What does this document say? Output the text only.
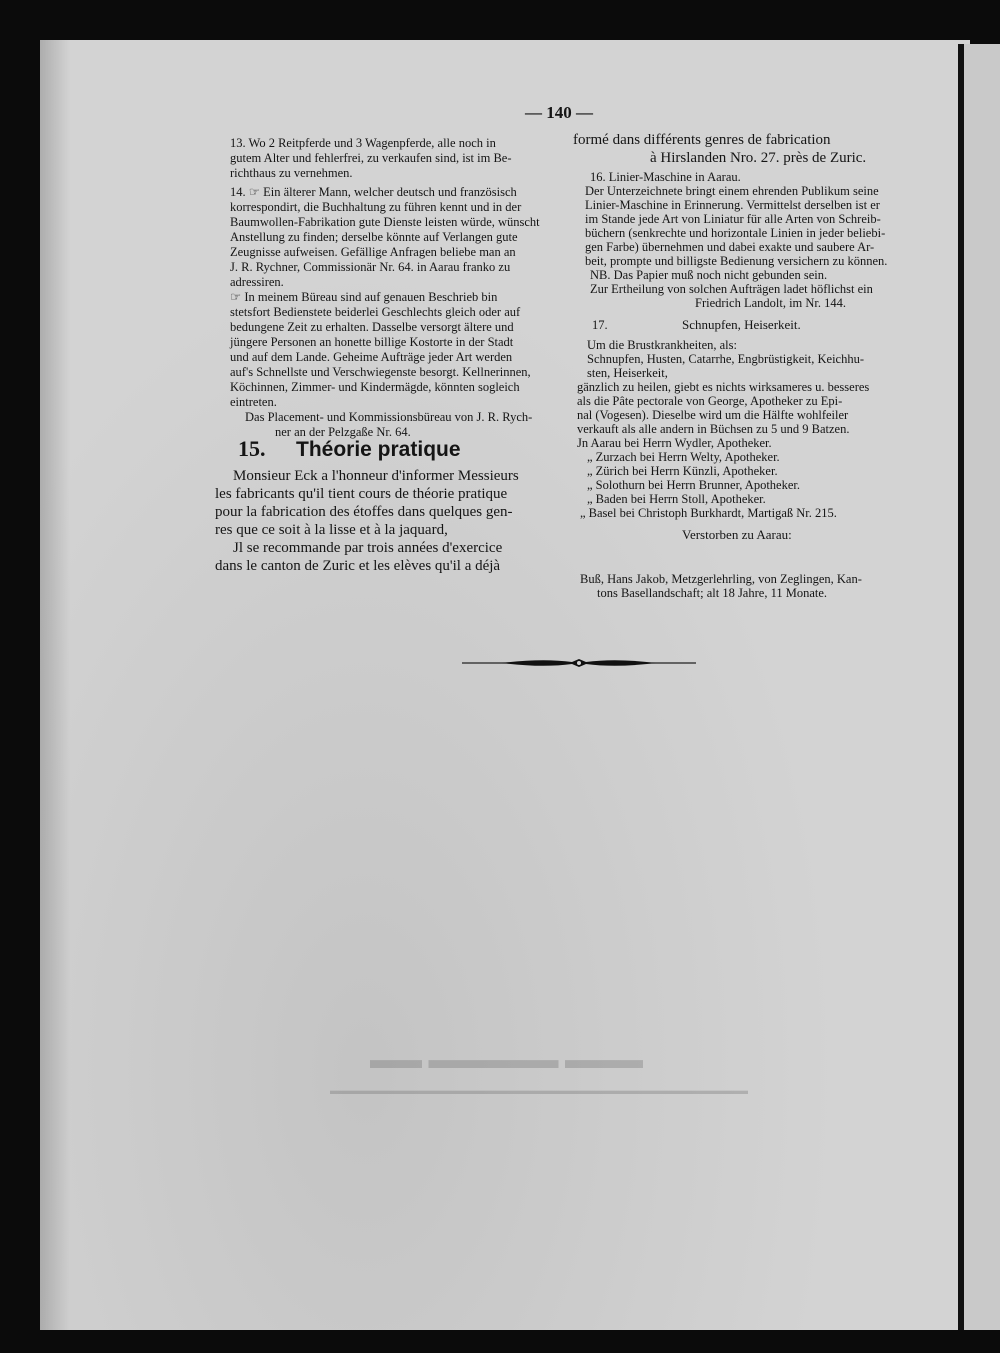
▬▬ ▬▬▬▬▬ ▬▬▬
▬▬▬▬▬▬▬▬▬▬▬▬▬▬▬▬▬▬▬▬▬▬▬▬▬▬▬▬▬▬▬▬▬▬▬▬▬▬
— 140 —
13. Wo 2 Reitpferde und 3 Wagenpferde, alle noch in
gutem Alter und fehlerfrei, zu verkaufen sind, ist im Be-
richthaus zu vernehmen.
14. ☞ Ein älterer Mann, welcher deutsch und französisch
korrespondirt, die Buchhaltung zu führen kennt und in der
Baumwollen-Fabrikation gute Dienste leisten würde, wünscht
Anstellung zu finden; derselbe könnte auf Verlangen gute
Zeugnisse aufweisen. Gefällige Anfragen beliebe man an
J. R. Rychner, Commissionär Nr. 64. in Aarau franko zu
adressiren.
☞ In meinem Büreau sind auf genauen Beschrieb bin
stetsfort Bedienstete beiderlei Geschlechts gleich oder auf
bedungene Zeit zu erhalten. Dasselbe versorgt ältere und
jüngere Personen an honette billige Kostorte in der Stadt
und auf dem Lande. Geheime Aufträge jeder Art werden
auf's Schnellste und Verschwiegenste besorgt. Kellnerinnen,
Köchinnen, Zimmer- und Kindermägde, könnten sogleich
eintreten.
Das Placement- und Kommissionsbüreau von J. R. Rych-
ner an der Pelzgaße Nr. 64.
15. Théorie pratique
Monsieur Eck a l'honneur d'informer Messieurs
les fabricants qu'il tient cours de théorie pratique
pour la fabrication des étoffes dans quelques gen-
res que ce soit à la lisse et à la jaquard,
Jl se recommande par trois années d'exercice
dans le canton de Zuric et les elèves qu'il a déjà
formé dans différents genres de fabrication
à Hirslanden Nro. 27. près de Zuric.
16. Linier-Maschine in Aarau.
Der Unterzeichnete bringt einem ehrenden Publikum seine
Linier-Maschine in Erinnerung. Vermittelst derselben ist er
im Stande jede Art von Liniatur für alle Arten von Schreib-
büchern (senkrechte und horizontale Linien in jeder beliebi-
gen Farbe) übernehmen und dabei exakte und saubere Ar-
beit, prompte und billigste Bedienung versichern zu können.
NB. Das Papier muß noch nicht gebunden sein.
Zur Ertheilung von solchen Aufträgen ladet höflichst ein
Friedrich Landolt, im Nr. 144.
17.	Schnupfen, Heiserkeit.
Um die Brustkrankheiten, als:
Schnupfen, Husten, Catarrhe, Engbrüstigkeit, Keichhu-
sten, Heiserkeit,
gänzlich zu heilen, giebt es nichts wirksameres u. besseres
als die Pâte pectorale von George, Apotheker zu Epi-
nal (Vogesen). Dieselbe wird um die Hälfte wohlfeiler
verkauft als alle andern in Büchsen zu 5 und 9 Batzen.
Jn Aarau bei Herrn Wydler, Apotheker.
„ Zurzach bei Herrn Welty, Apotheker.
„ Zürich bei Herrn Künzli, Apotheker.
„ Solothurn bei Herrn Brunner, Apotheker.
„ Baden bei Herrn Stoll, Apotheker.
„ Basel bei Christoph Burkhardt, Martigaß Nr. 215.
Verstorben zu Aarau:
Buß, Hans Jakob, Metzgerlehrling, von Zeglingen, Kan-
tons Basellandschaft; alt 18 Jahre, 11 Monate.
